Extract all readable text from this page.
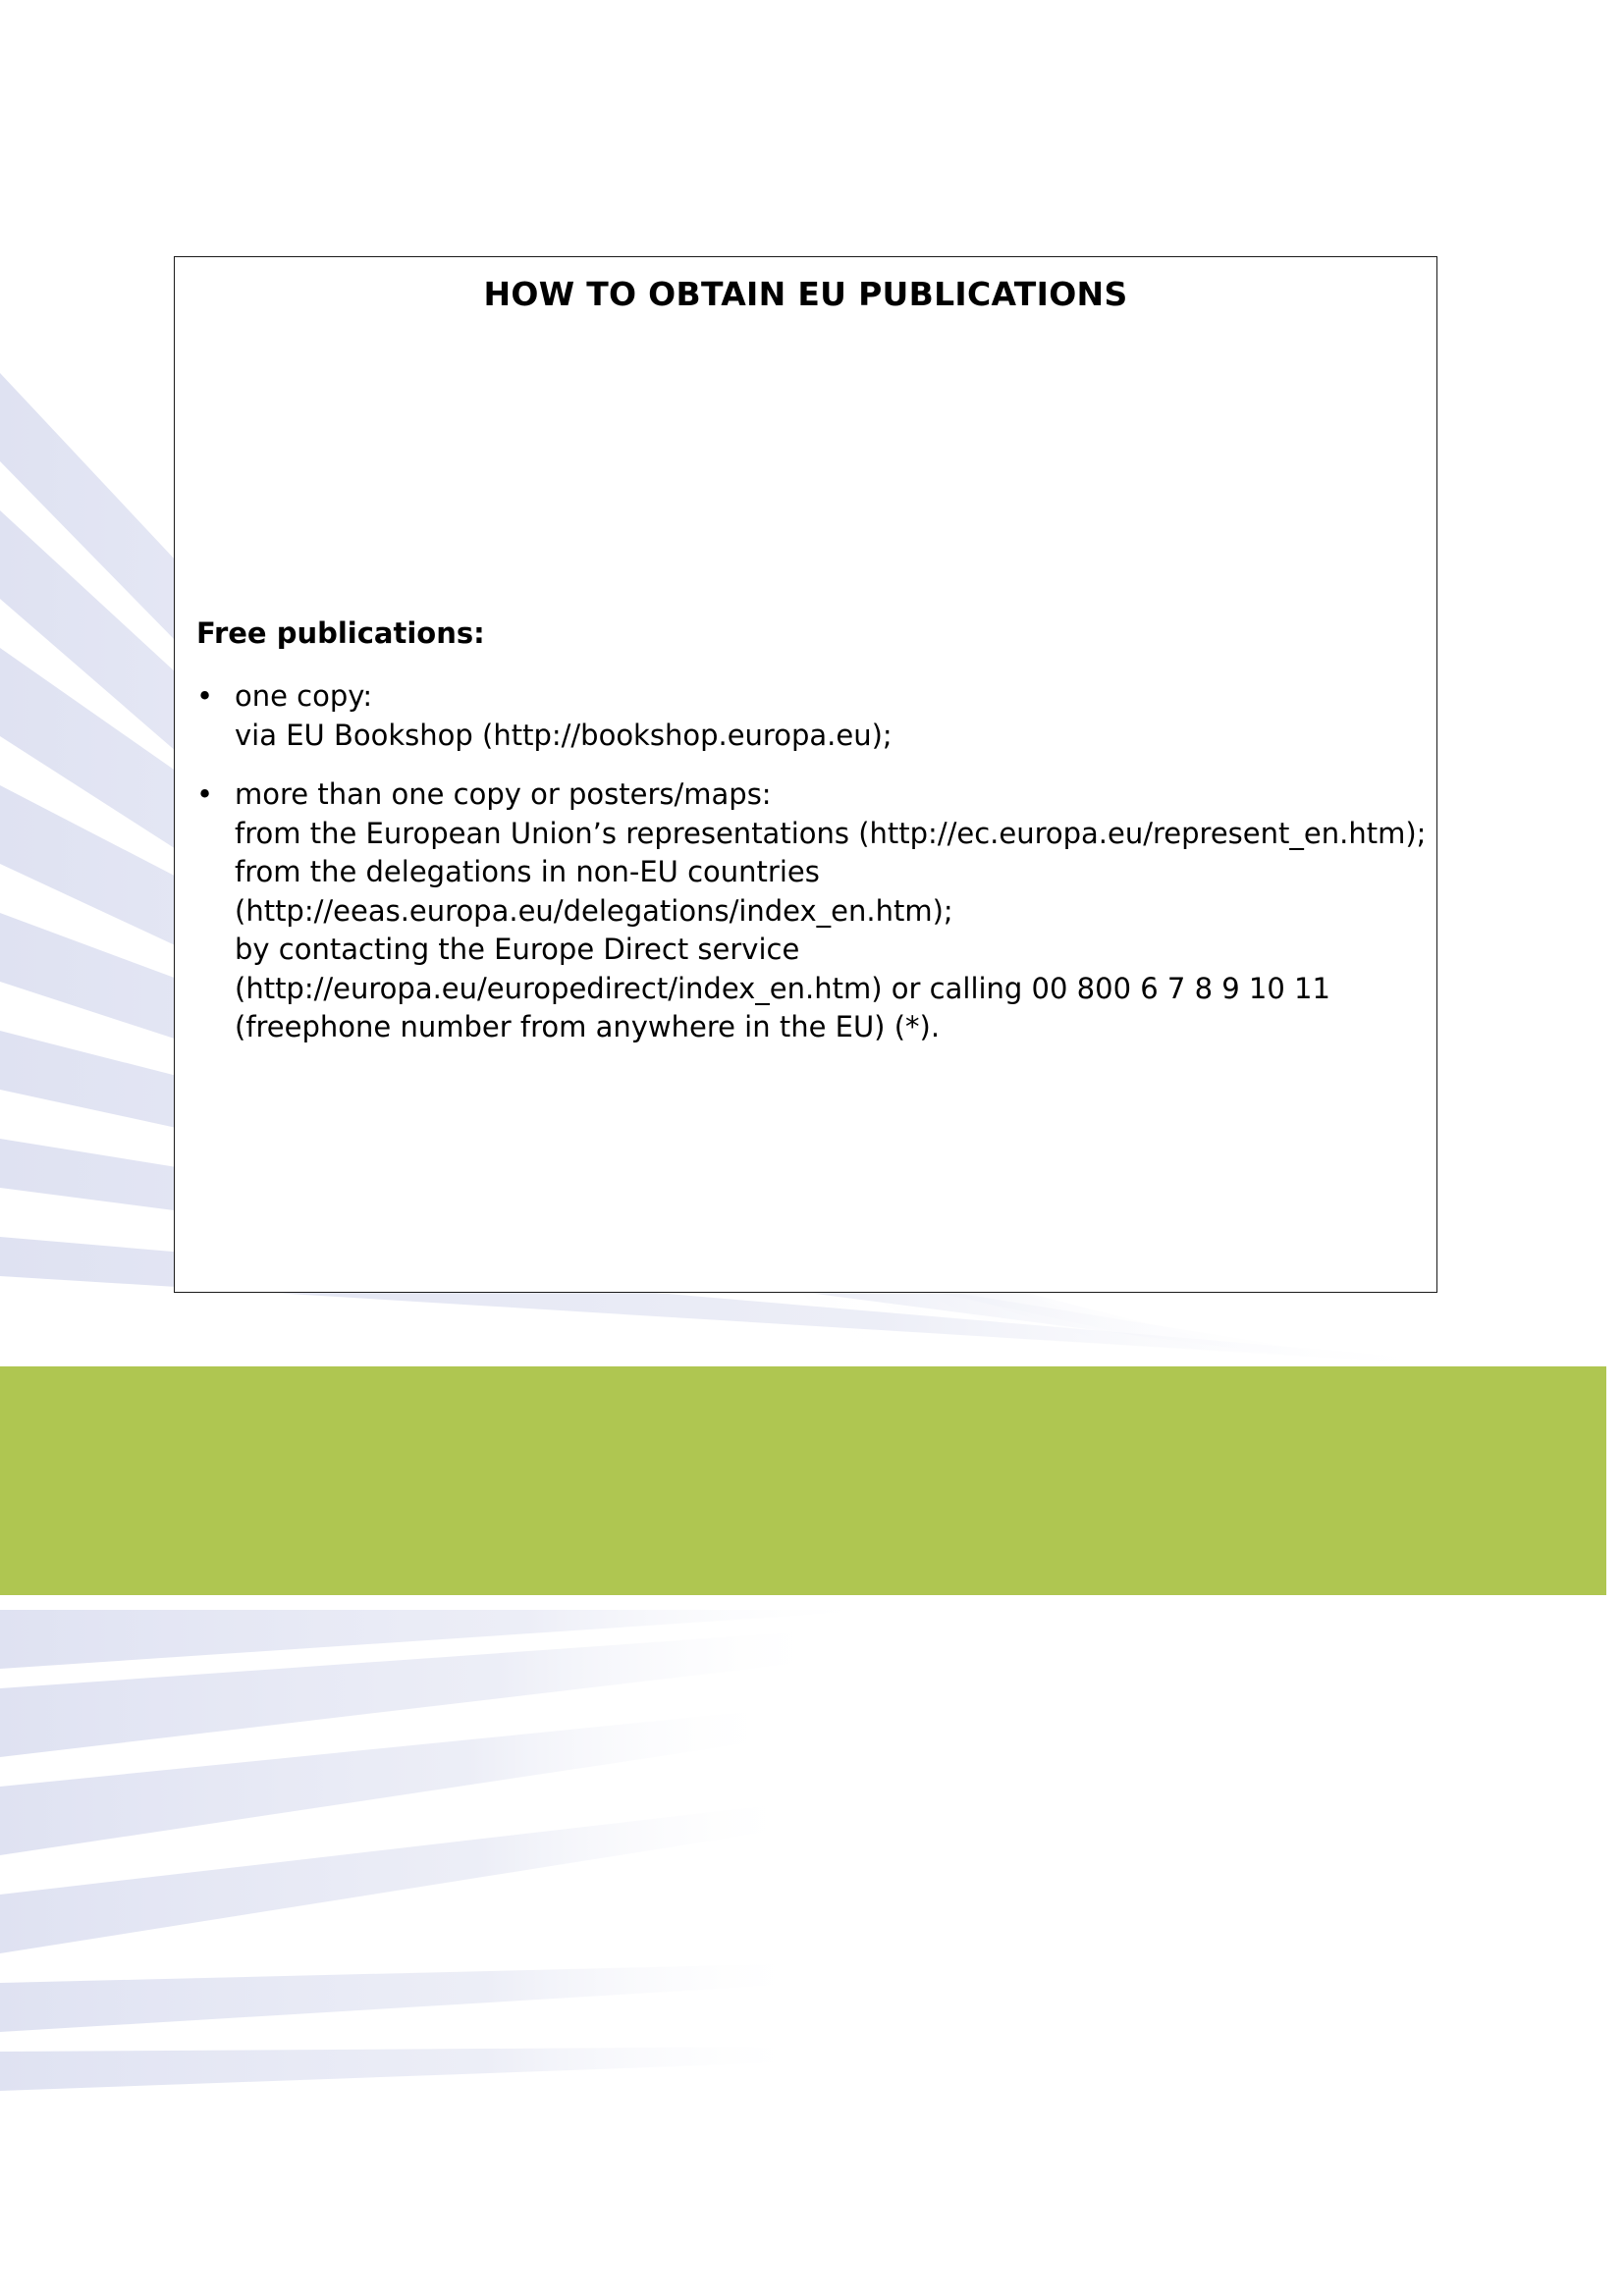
HOW TO OBTAIN EU PUBLICATIONS
Free publications:
• one copy:
via EU Bookshop (http://bookshop.europa.eu);
• more than one copy or posters/maps:
from the European Union’s representations (http://ec.europa.eu/represent_en.htm);
from the delegations in non-EU countries
(http://eeas.europa.eu/delegations/index_en.htm);
by contacting the Europe Direct service
(http://europa.eu/europedirect/index_en.htm) or calling 00 800 6 7 8 9 10 11
(freephone number from anywhere in the EU) (*).
